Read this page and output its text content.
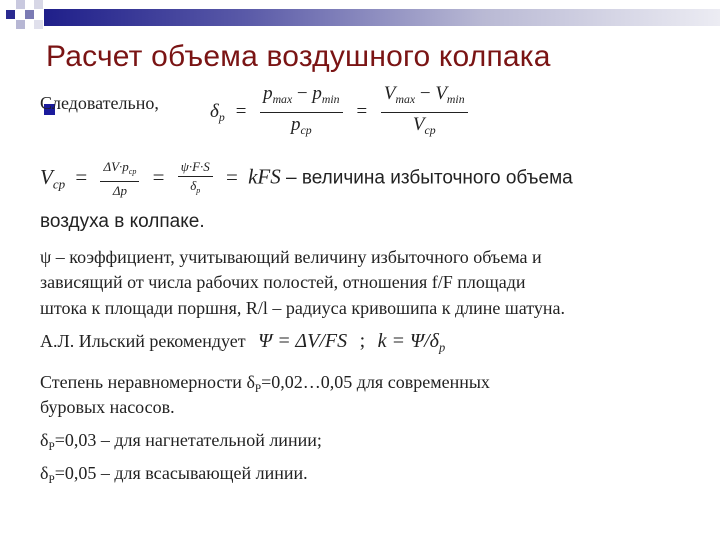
Расчет объема воздушного колпака
Следовательно,	$\delta_p = \frac{p_{max} - p_{min}}{p_{ср}} = \frac{V_{max} - V_{min}}{V_{ср}}$
$V_{ср} = \frac{\Delta V\cdot p_{ср}}{\Delta p} = \frac{\psi\cdot F\cdot S}{\delta_p}$ = kFS – величина избыточного объема
воздуха в колпаке.
ψ – коэффициент, учитывающий величину избыточного объема и
зависящий от числа рабочих полостей, отношения f/F площади
штока к площади поршня, R/l – радиуса кривошипа к длине шатуна.
А.Л. Ильский рекомендует Ψ = ΔV/FS ; $k = \Psi/\delta_p$
Степень неравномерности $\delta_P=0,02\dots 0,05$ для современных
буровых насосов.
$\delta_P=0,03$ – для нагнетательной линии;
$\delta_P=0,05$ – для всасывающей линии.
